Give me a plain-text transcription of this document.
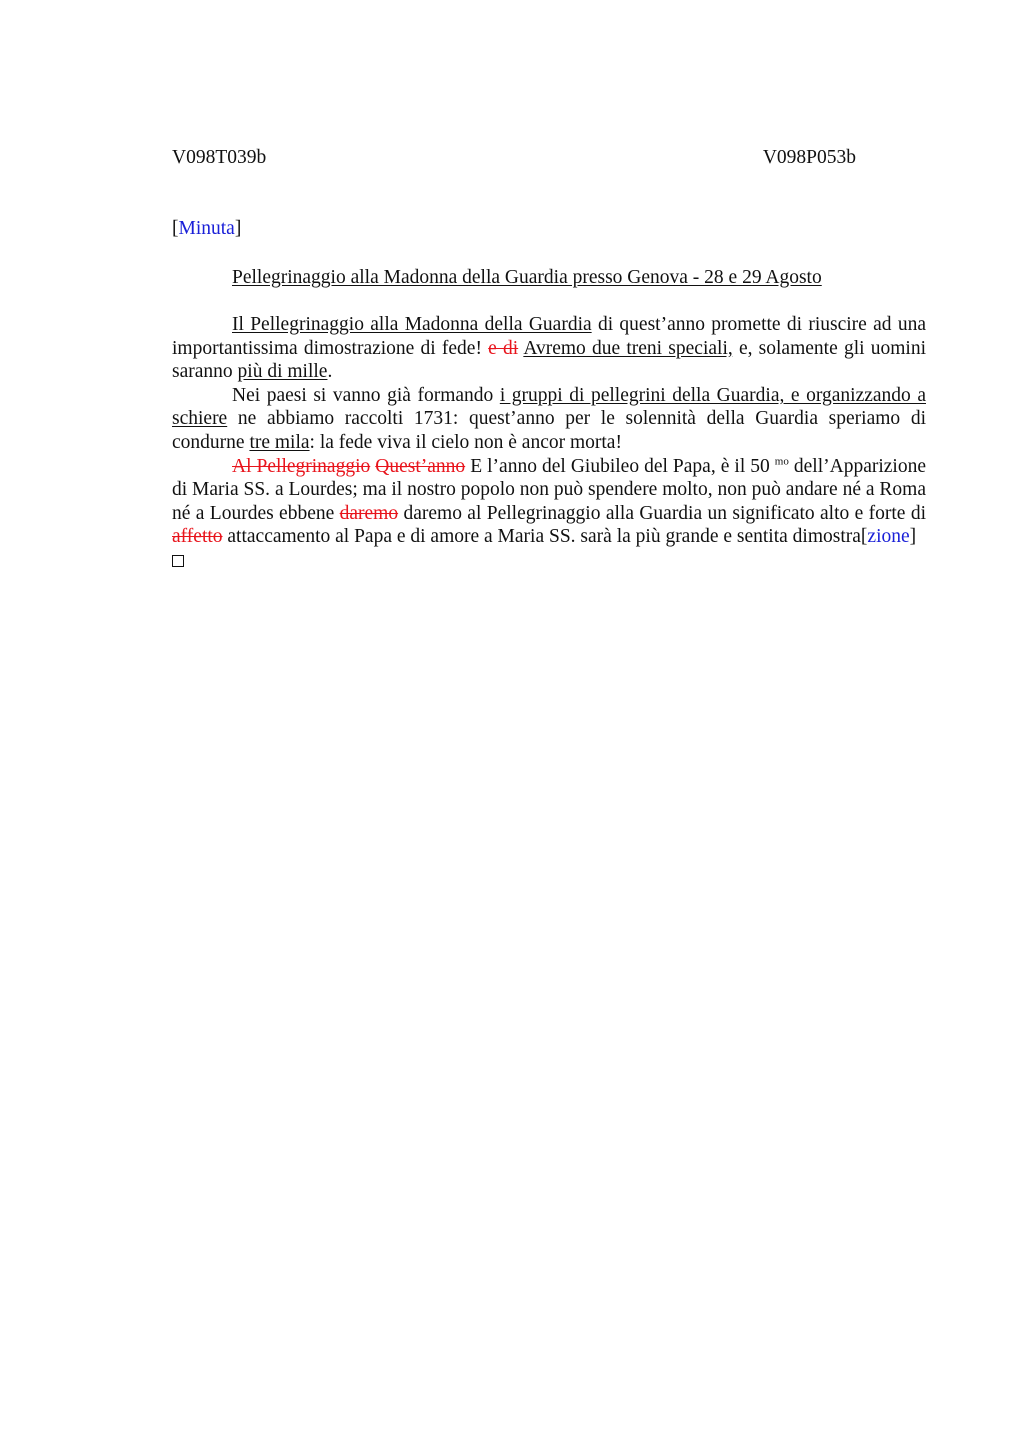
V098T039b	V098P053b
[Minuta]
Pellegrinaggio alla Madonna della Guardia presso Genova - 28 e 29 Agosto

Il Pellegrinaggio alla Madonna della Guardia di quest’anno promette di riuscire ad una importantissima dimostrazione di fede! e di Avremo due treni speciali, e, solamente gli uomini saranno più di mille.

Nei paesi si vanno già formando i gruppi di pellegrini della Guardia, e organizzando a schiere ne abbiamo raccolti 1731: quest’anno per le solennità della Guardia speriamo di condurne tre mila: la fede viva il cielo non è ancor morta!

Al Pellegrinaggio Quest’anno E l’anno del Giubileo del Papa, è il 50 $^{mo}$ dell’Apparizione di Maria SS. a Lourdes; ma il nostro popolo non può spendere molto, non può andare né a Roma né a Lourdes ebbene daremo daremo al Pellegrinaggio alla Guardia un significato alto e forte di affetto attaccamento al Papa e di amore a Maria SS. sarà la più grande e sentita dimostra[zione]
